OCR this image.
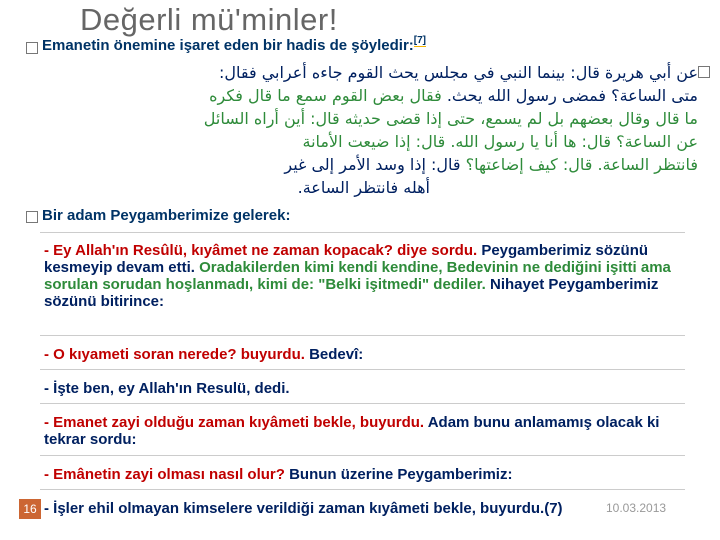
Değerli mü'minler!
Emanetin önemine işaret eden bir hadis de şöyledir:[7]
عن أبي هريرة قال: بينما النبي في مجلس يحث القوم جاءه أعرابي فقال:
متى الساعة؟ فمضى رسول الله يحث. فقال بعض القوم سمع ما قال فكره
ما قال وقال بعضهم بل لم يسمع، حتى إذا قضى حديثه قال: أين أراه السائل
عن الساعة؟ قال: ها أنا يا رسول الله. قال: إذا ضيعت الأمانة
فانتظر الساعة. قال: كيف إضاعتها؟ قال: إذا وسد الأمر إلى غير
أهله فانتظر الساعة.
Bir adam Peygamberimize gelerek:
- Ey Allah'ın Resûlü, kıyâmet ne zaman kopacak? diye sordu. Peygamberimiz sözünü kesmeyip devam etti. Oradakilerden kimi kendi kendine, Bedevinin ne dediğini işitti ama sorulan sorudan hoşlanmadı, kimi de: "Belki işitmedi" dediler. Nihayet Peygamberimiz sözünü bitirince:
- O kıyameti soran nerede? buyurdu. Bedevî:
- İşte ben, ey Allah'ın Resulü, dedi.
- Emanet zayi olduğu zaman kıyâmeti bekle, buyurdu. Adam bunu anlamamış olacak ki tekrar sordu:
- Emânetin zayi olması nasıl olur? Bunun üzerine Peygamberimiz:
- İşler ehil olmayan kimselere verildiği zaman kıyâmeti bekle, buyurdu.(7)
16	10.03.2013
